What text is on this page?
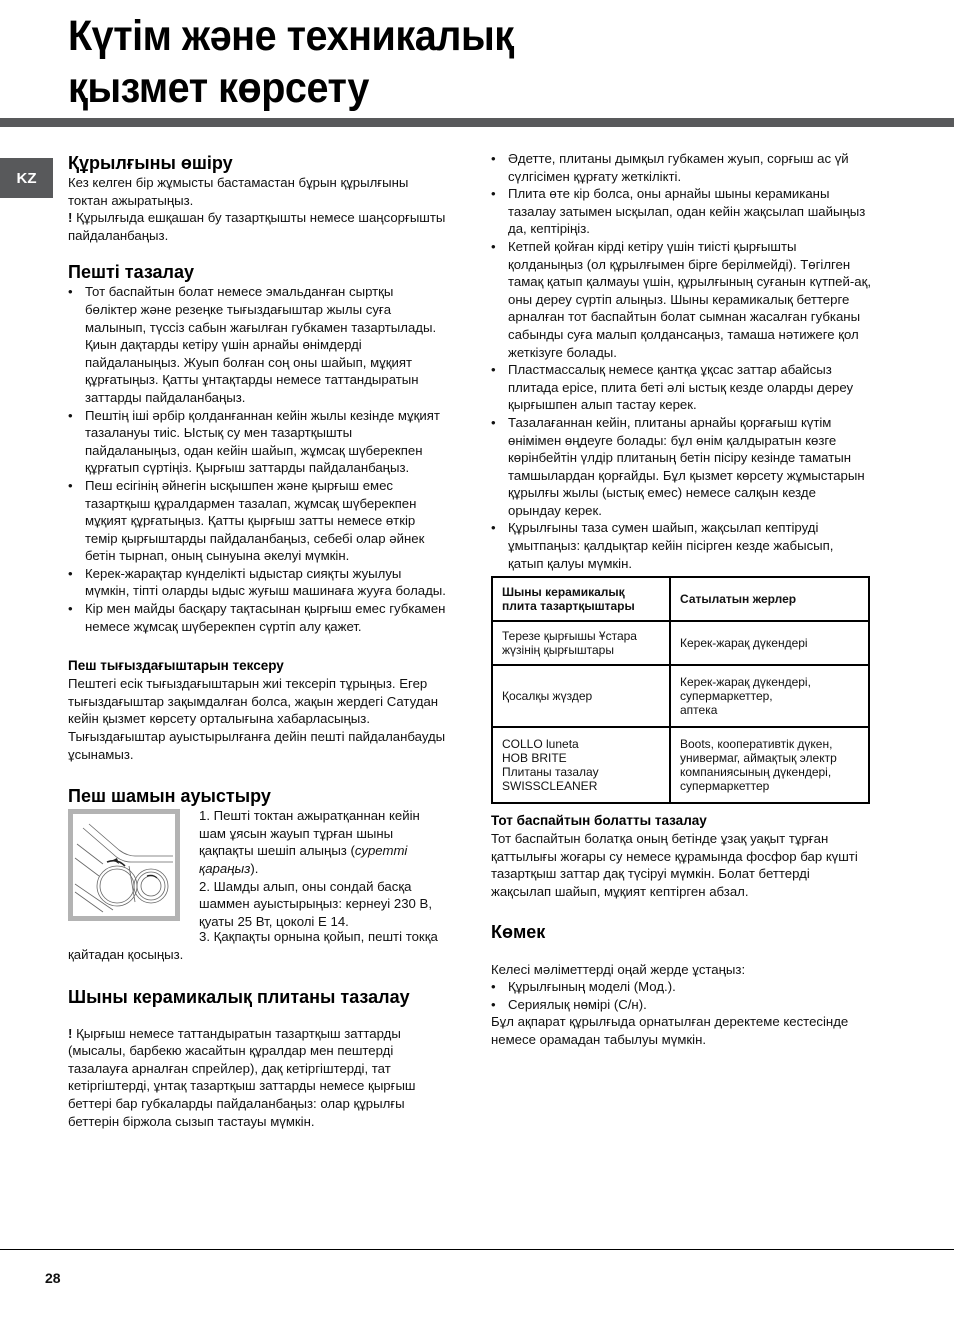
Күтім және техникалық
қызмет көрсету
KZ
Құрылғыны өшіру

Кез келген бір жұмысты бастамастан бұрын құрылғыны токтан ажыратыңыз.

! Құрылғыда ешқашан бу тазартқышты немесе шаңсорғышты пайдаланбаңыз.

Пешті тазалау
• Тот баспайтын болат немесе эмальданған сыртқы бөліктер және резеңке тығыздағыштар жылы суға малынып, түссіз сабын жағылған губкамен тазартылады. Қиын дақтарды кетіру үшін арнайы өнімдерді пайдаланыңыз. Жуып болған соң оны шайып, мұқият құрғатыңыз. Қатты ұнтақтарды немесе таттандыратын заттарды пайдаланбаңыз.
• Пештің іші әрбір қолданғаннан кейін жылы кезінде мұқият тазалануы тиіс. Ыстық су мен тазартқышты пайдаланыңыз, одан кейін шайып, жұмсақ шүберекпен құрғатып сүртіңіз. Қырғыш заттарды пайдаланбаңыз.
• Пеш есігінің әйнегін ысқышпен және қырғыш емес тазартқыш құралдармен тазалап, жұмсақ шүберекпен мұқият құрғатыңыз. Қатты қырғыш затты немесе өткір темір қырғыштарды пайдаланбаңыз, себебі олар әйнек бетін тырнап, оның сынуына әкелуі мүмкін.
• Керек-жарақтар күнделікті ыдыстар сияқты жуылуы мүмкін, тіпті оларды ыдыс жуғыш машинаға жууға болады.
• Кір мен майды басқару тақтасынан қырғыш емес губкамен немесе жұмсақ шүберекпен сүртіп алу қажет.
Пеш тығыздағыштарын тексеру

Пештегі есік тығыздағыштарын жиі тексеріп тұрыңыз. Егер тығыздағыштар зақымдалған болса, жақын жердегі Сатудан кейін қызмет көрсету орталығына хабарласыңыз. Тығыздағыштар ауыстырылғанға дейін пешті пайдаланбауды ұсынамыз.

Пеш шамын ауыстыру

1. Пешті токтан ажыратқаннан кейін шам ұясын жауып тұрған шыны қақпақты шешіп алыңыз (суретті қараңыз).

2. Шамды алып, оны сондай басқа шаммен ауыстырыңыз: кернеуі 230 В, қуаты 25 Вт, цоколі Е 14.

3. Қақпақты орнына қойып, пешті токқа қайтадан қосыңыз.

Шыны керамикалық плитаны тазалау

! Қырғыш немесе таттандыратын тазартқыш заттарды (мысалы, барбекю жасайтын құралдар мен пештерді тазалауға арналған спрейлер), дақ кетіргіштерді, тат кетіргіштерді, ұнтақ тазартқыш заттарды немесе қырғыш беттері бар губкаларды пайдаланбаңыз: олар құрылғы беттерін біржола сызып тастауы мүмкін.

• Әдетте, плитаны дымқыл губкамен жуып, сорғыш ас үй сүлгісімен құрғату жеткілікті.
• Плита өте кір болса, оны арнайы шыны керамиканы тазалау затымен ысқылап, одан кейін жақсылап шайыңыз да, кептіріңіз.
• Кетпей қойған кірді кетіру үшін тиісті қырғышты қолданыңыз (ол құрылғымен бірге берілмейді). Төгілген тамақ қатып қалмауы үшін, құрылғының суғанын күтпей-ақ, оны дереу сүртіп алыңыз. Шыны керамикалық беттерге арналған тот баспайтын болат сымнан жасалған губканы сабынды суға малып қолдансаңыз, тамаша нәтижеге қол жеткізуге болады.
• Пластмассалық немесе қантқа ұқсас заттар абайсыз плитада ерісе, плита беті әлі ыстық кезде оларды дереу қырғышпен алып тастау керек.
• Тазалағаннан кейін, плитаны арнайы қорғағыш күтім өнімімен өңдеуге болады: бұл өнім қалдыратын көзге көрінбейтін үлдір плитаның бетін пісіру кезінде таматын тамшылардан қорғайды. Бұл қызмет көрсету жұмыстарын құрылғы жылы (ыстық емес) немесе салқын кезде орындау керек.
• Құрылғыны таза сумен шайып, жақсылап кептіруді ұмытпаңыз: қалдықтар кейін пісірген кезде жабысып, қатып қалуы мүмкін.
Шыны керамикалық плита тазартқыштары	Сатылатын жерлер

Терезе қырғышы Ұстара жүзінің қырғыштары	Керек-жарақ дүкендері

Қосалқы жүздер	Керек-жарақ дүкендері,
супермаркеттер,
аптека

COLLO luneta
HOB BRITE
Плитаны тазалау
SWISSCLEANER	Boots, кооперативтік дүкен,
универмаг, аймақтық электр
компаниясының дүкендері,
супермаркеттер
Тот баспайтын болатты тазалау

Тот баспайтын болатқа оның бетінде ұзақ уақыт тұрған қаттылығы жоғары су немесе құрамында фосфор бар күшті тазартқыш заттар дақ түсіруі мүмкін. Болат беттерді жақсылап шайып, мұқият кептірген абзал.

Көмек

Келесі мәліметтерді оңай жерде ұстаңыз:

• Құрылғының моделі (Мод.).
• Сериялық нөмірі (С/н).

Бұл ақпарат құрылғыда орнатылған деректеме кестесінде немесе орамадан табылуы мүмкін.

28
